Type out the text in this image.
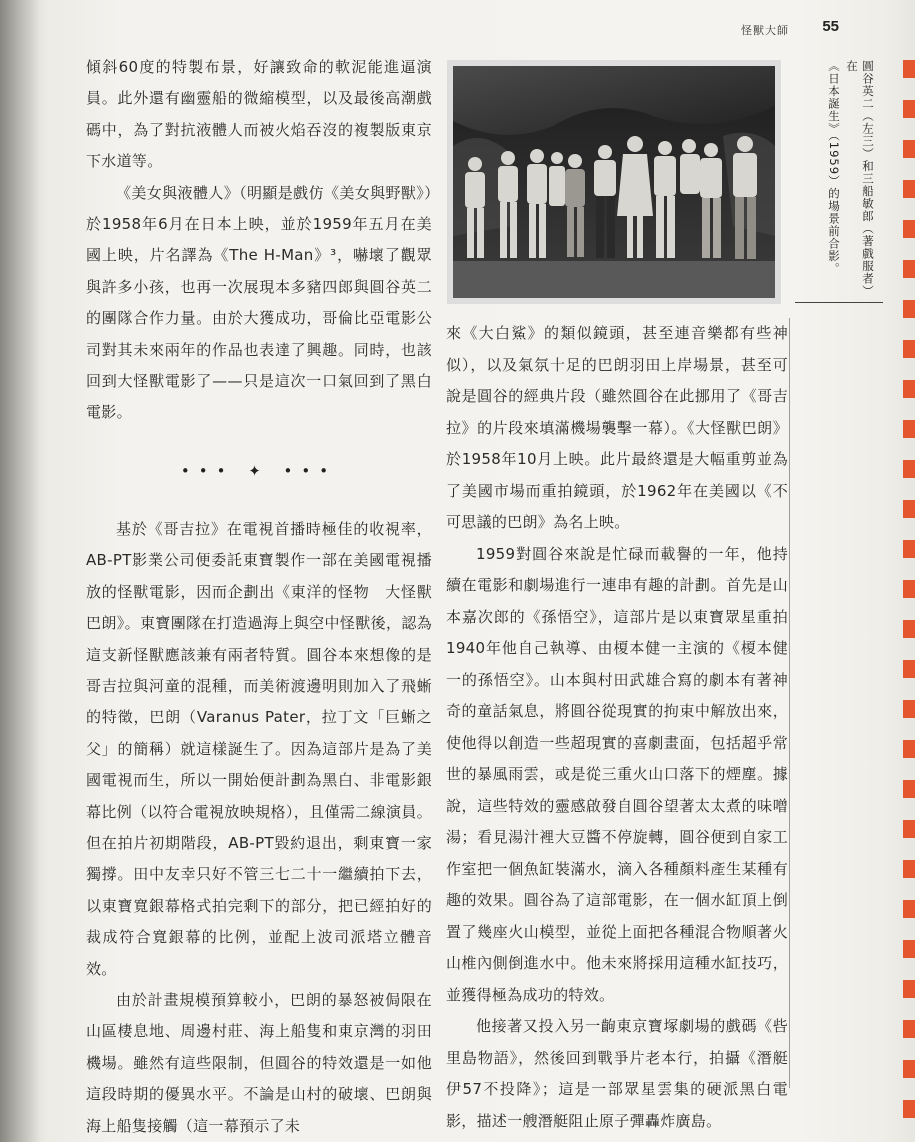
怪獸大師 55

傾斜60度的特製布景，好讓致命的軟泥能進逼演員。此外還有幽靈船的微縮模型，以及最後高潮戲碼中，為了對抗液體人而被火焰吞沒的複製版東京下水道等。

《美女與液體人》（明顯是戲仿《美女與野獸》）於1958年6月在日本上映，並於1959年五月在美國上映，片名譯為《The H-Man》³，嚇壞了觀眾與許多小孩，也再一次展現本多豬四郎與圓谷英二的團隊合作力量。由於大獲成功，哥倫比亞電影公司對其未來兩年的作品也表達了興趣。同時，也該回到大怪獸電影了——只是這次一口氣回到了黑白電影。

••• ✦ •••

基於《哥吉拉》在電視首播時極佳的收視率，AB-PT影業公司便委託東寶製作一部在美國電視播放的怪獸電影，因而企劃出《東洋的怪物　大怪獸巴朗》。東寶團隊在打造過海上與空中怪獸後，認為這支新怪獸應該兼有兩者特質。圓谷本來想像的是哥吉拉與河童的混種，而美術渡邊明則加入了飛蜥的特徵，巴朗（Varanus Pater，拉丁文「巨蜥之父」的簡稱）就這樣誕生了。因為這部片是為了美國電視而生，所以一開始便計劃為黑白、非電影銀幕比例（以符合電視放映規格），且僅需二線演員。但在拍片初期階段，AB-PT毀約退出，剩東寶一家獨撐。田中友幸只好不管三七二十一繼續拍下去，以東寶寬銀幕格式拍完剩下的部分，把已經拍好的裁成符合寬銀幕的比例，並配上波司派塔立體音效。

由於計畫規模預算較小，巴朗的暴怒被侷限在山區棲息地、周邊村莊、海上船隻和東京灣的羽田機場。雖然有這些限制，但圓谷的特效還是一如他這段時期的優異水平。不論是山村的破壞、巴朗與海上船隻接觸（這一幕預示了未

圓谷英二（左三）和三船敏郎（著戲服者）在
《日本誕生》（1959）的場景前合影。

來《大白鯊》的類似鏡頭，甚至連音樂都有些神似），以及氣氛十足的巴朗羽田上岸場景，甚至可說是圓谷的經典片段（雖然圓谷在此挪用了《哥吉拉》的片段來填滿機場襲擊一幕）。《大怪獸巴朗》於1958年10月上映。此片最終還是大幅重剪並為了美國市場而重拍鏡頭，於1962年在美國以《不可思議的巴朗》為名上映。

1959對圓谷來說是忙碌而載譽的一年，他持續在電影和劇場進行一連串有趣的計劃。首先是山本嘉次郎的《孫悟空》，這部片是以東寶眾星重拍1940年他自己執導、由榎本健一主演的《榎本健一的孫悟空》。山本與村田武雄合寫的劇本有著神奇的童話氣息，將圓谷從現實的拘束中解放出來，使他得以創造一些超現實的喜劇畫面，包括超乎常世的暴風雨雲，或是從三重火山口落下的煙塵。據說，這些特效的靈感啟發自圓谷望著太太煮的味噌湯；看見湯汁裡大豆醬不停旋轉，圓谷便到自家工作室把一個魚缸裝滿水，滴入各種顏料產生某種有趣的效果。圓谷為了這部電影，在一個水缸頂上倒置了幾座火山模型，並從上面把各種混合物順著火山椎內側倒進水中。他未來將採用這種水缸技巧，並獲得極為成功的特效。

他接著又投入另一齣東京寶塚劇場的戲碼《呰里島物語》，然後回到戰爭片老本行，拍攝《潛艇伊57不投降》；這是一部眾星雲集的硬派黑白電影，描述一艘潛艇阻止原子彈轟炸廣島。
